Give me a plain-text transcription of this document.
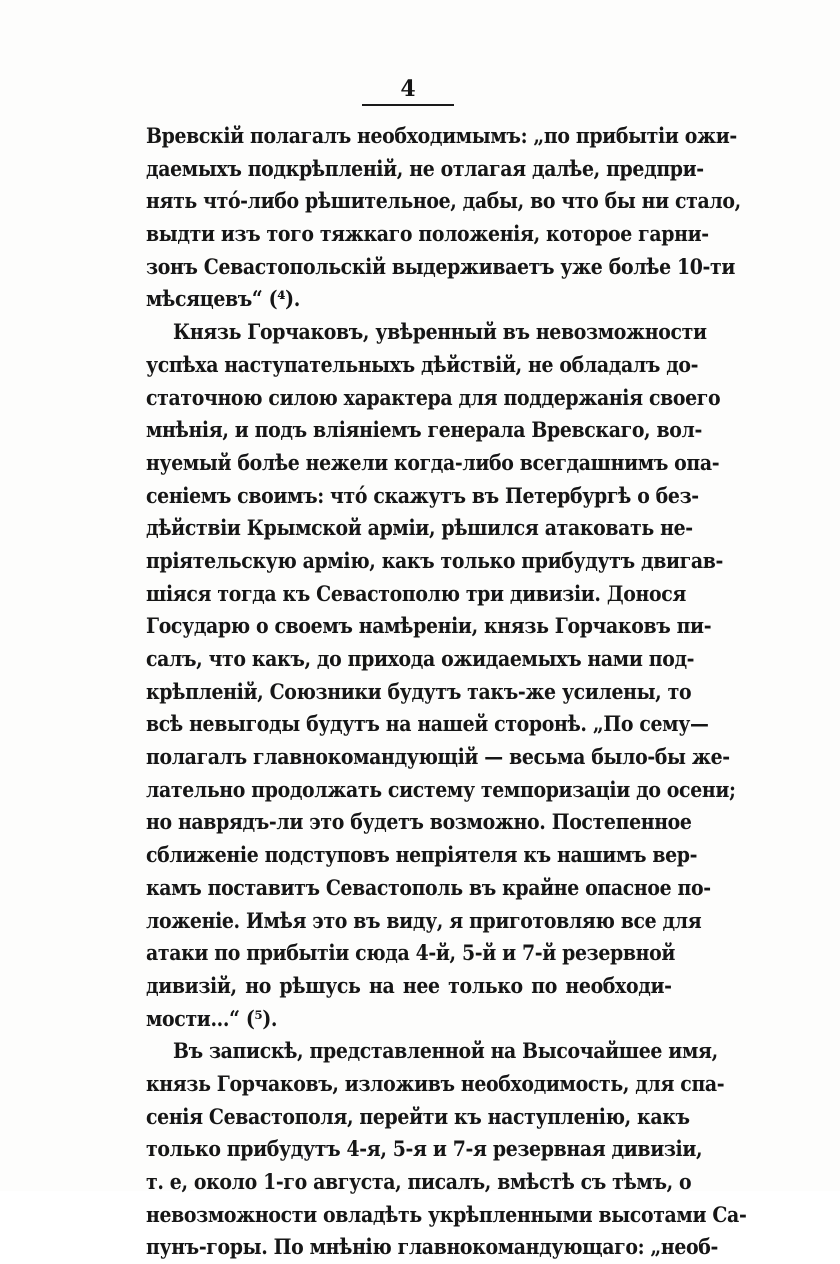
4
Вревскій полагалъ необходимымъ: „по прибытіи ожи-
даемыхъ подкрѣпленій, не отлагая далѣе, предпри-
нять что́-либо рѣшительное, дабы, во что бы ни стало,
выдти изъ того тяжкаго положенія, которое гарни-
зонъ Севастопольскій выдерживаетъ уже болѣе 10-ти
мѣсяцевъ“ (⁴).
Князь Горчаковъ, увѣренный въ невозможности
успѣха наступательныхъ дѣйствій, не обладалъ до-
статочною силою характера для поддержанія своего
мнѣнія, и подъ вліяніемъ генерала Вревскаго, вол-
нуемый болѣе нежели когда-либо всегдашнимъ опа-
сеніемъ своимъ: что́ скажутъ въ Петербургѣ о без-
дѣйствіи Крымской арміи, рѣшился атаковать не-
пріятельскую армію, какъ только прибудутъ двигав-
шіяся тогда къ Севастополю три дивизіи. Донося
Государю о своемъ намѣреніи, князь Горчаковъ пи-
салъ, что какъ, до прихода ожидаемыхъ нами под-
крѣпленій, Союзники будутъ такъ-же усилены, то
всѣ невыгоды будутъ на нашей сторонѣ. „По сему—
полагалъ главнокомандующій — весьма было-бы же-
лательно продолжать систему темпоризаціи до осени;
но наврядъ-ли это будетъ возможно. Постепенное
сближеніе подступовъ непріятеля къ нашимъ вер-
камъ поставитъ Севастополь въ крайне опасное по-
ложеніе. Имѣя это въ виду, я приготовляю все для
атаки по прибытіи сюда 4-й, 5-й и 7-й резервной
дивизій, но рѣшусь на нее только по необходи-
мости...“ (⁵).
Въ запискѣ, представленной на Высочайшее имя,
князь Горчаковъ, изложивъ необходимость, для спа-
сенія Севастополя, перейти къ наступленію, какъ
только прибудутъ 4-я, 5-я и 7-я резервная дивизіи,
т. е, около 1-го августа, писалъ, вмѣстѣ съ тѣмъ, о
невозможности овладѣть укрѣпленными высотами Са-
пунъ-горы. По мнѣнію главнокомандующаго: „необ-
